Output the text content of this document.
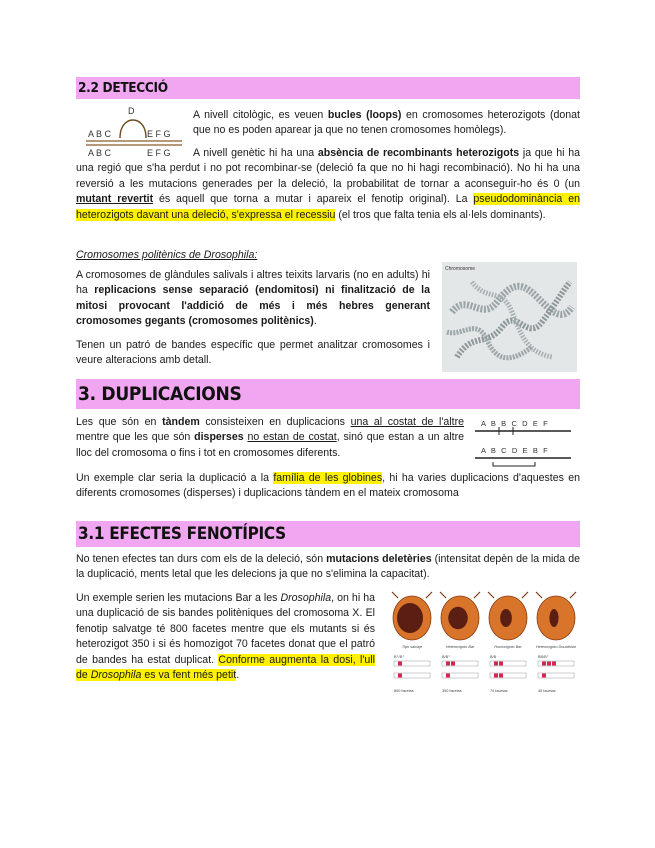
2.2 DETECCIÓ
D
A B C	E F G
A B C	E F G

A nivell citològic, es veuen bucles (loops) en cromosomes heterozigots (donat que no es poden aparear ja que no tenen cromosomes homòlegs).

A nivell genètic hi ha una absència de recombinants heterozigots ja que hi ha una regió que s'ha perdut i no pot recombinar-se (deleció fa que no hi hagi recombinació). No hi ha una reversió a les mutacions generades per la deleció, la probabilitat de tornar a aconseguir-ho és 0 (un mutant revertit és aquell que torna a mutar i apareix el fenotip original). La pseudodominància en heterozigots davant una deleció, s'expressa el recessiu (el tros que falta tenia els al·lels dominants).

Cromosomes politènics de Drosophila:

A cromosomes de glàndules salivals i altres teixits larvaris (no en adults) hi ha replicacions sense separació (endomitosi) ni finalització de la mitosi provocant l'addició de més i més hebres generant cromosomes gegants (cromosomes politènics).

Tenen un patró de bandes específic que permet analitzar cromosomes i veure alteracions amb detall.

Chromosome
3. DUPLICACIONS

Les que són en tàndem consisteixen en duplicacions una al costat de l'altre mentre que les que són disperses no estan de costat, sinó que estan a un altre lloc del cromosoma o fins i tot en cromosomes diferents.

A B B C D E F
A B C D E B F

Un exemple clar seria la duplicació a la família de les globines, hi ha varies duplicacions d'aquestes en diferents cromosomes (disperses) i duplicacions tàndem en el mateix cromosoma

3.1 EFECTES FENOTÍPICS

No tenen efectes tan durs com els de la deleció, són mutacions deletèries (intensitat depèn de la mida de la duplicació, ments letal que les delecions ja que no s'elimina la capacitat).

Un exemple serien les mutacions Bar a les Drosophila, on hi ha una duplicació de sis bandes politèniques del cromosoma X. El fenotip salvatge té 800 facetes mentre que els mutants si és heterozigot 350 i si és homozigot 70 facetes donat que el patró de bandes ha estat duplicat. Conforme augmenta la dosi, l'ull de Drosophila es va fent més petit.

Tipo salvaje
B⁺/B⁺
800 facetas
Heterocigoto Bar
B/B⁺
350 facetas
Homocigoto Bar
B/B
70 facetas
Heterocigoto Doublebar
BB/B⁺
45 facetas
